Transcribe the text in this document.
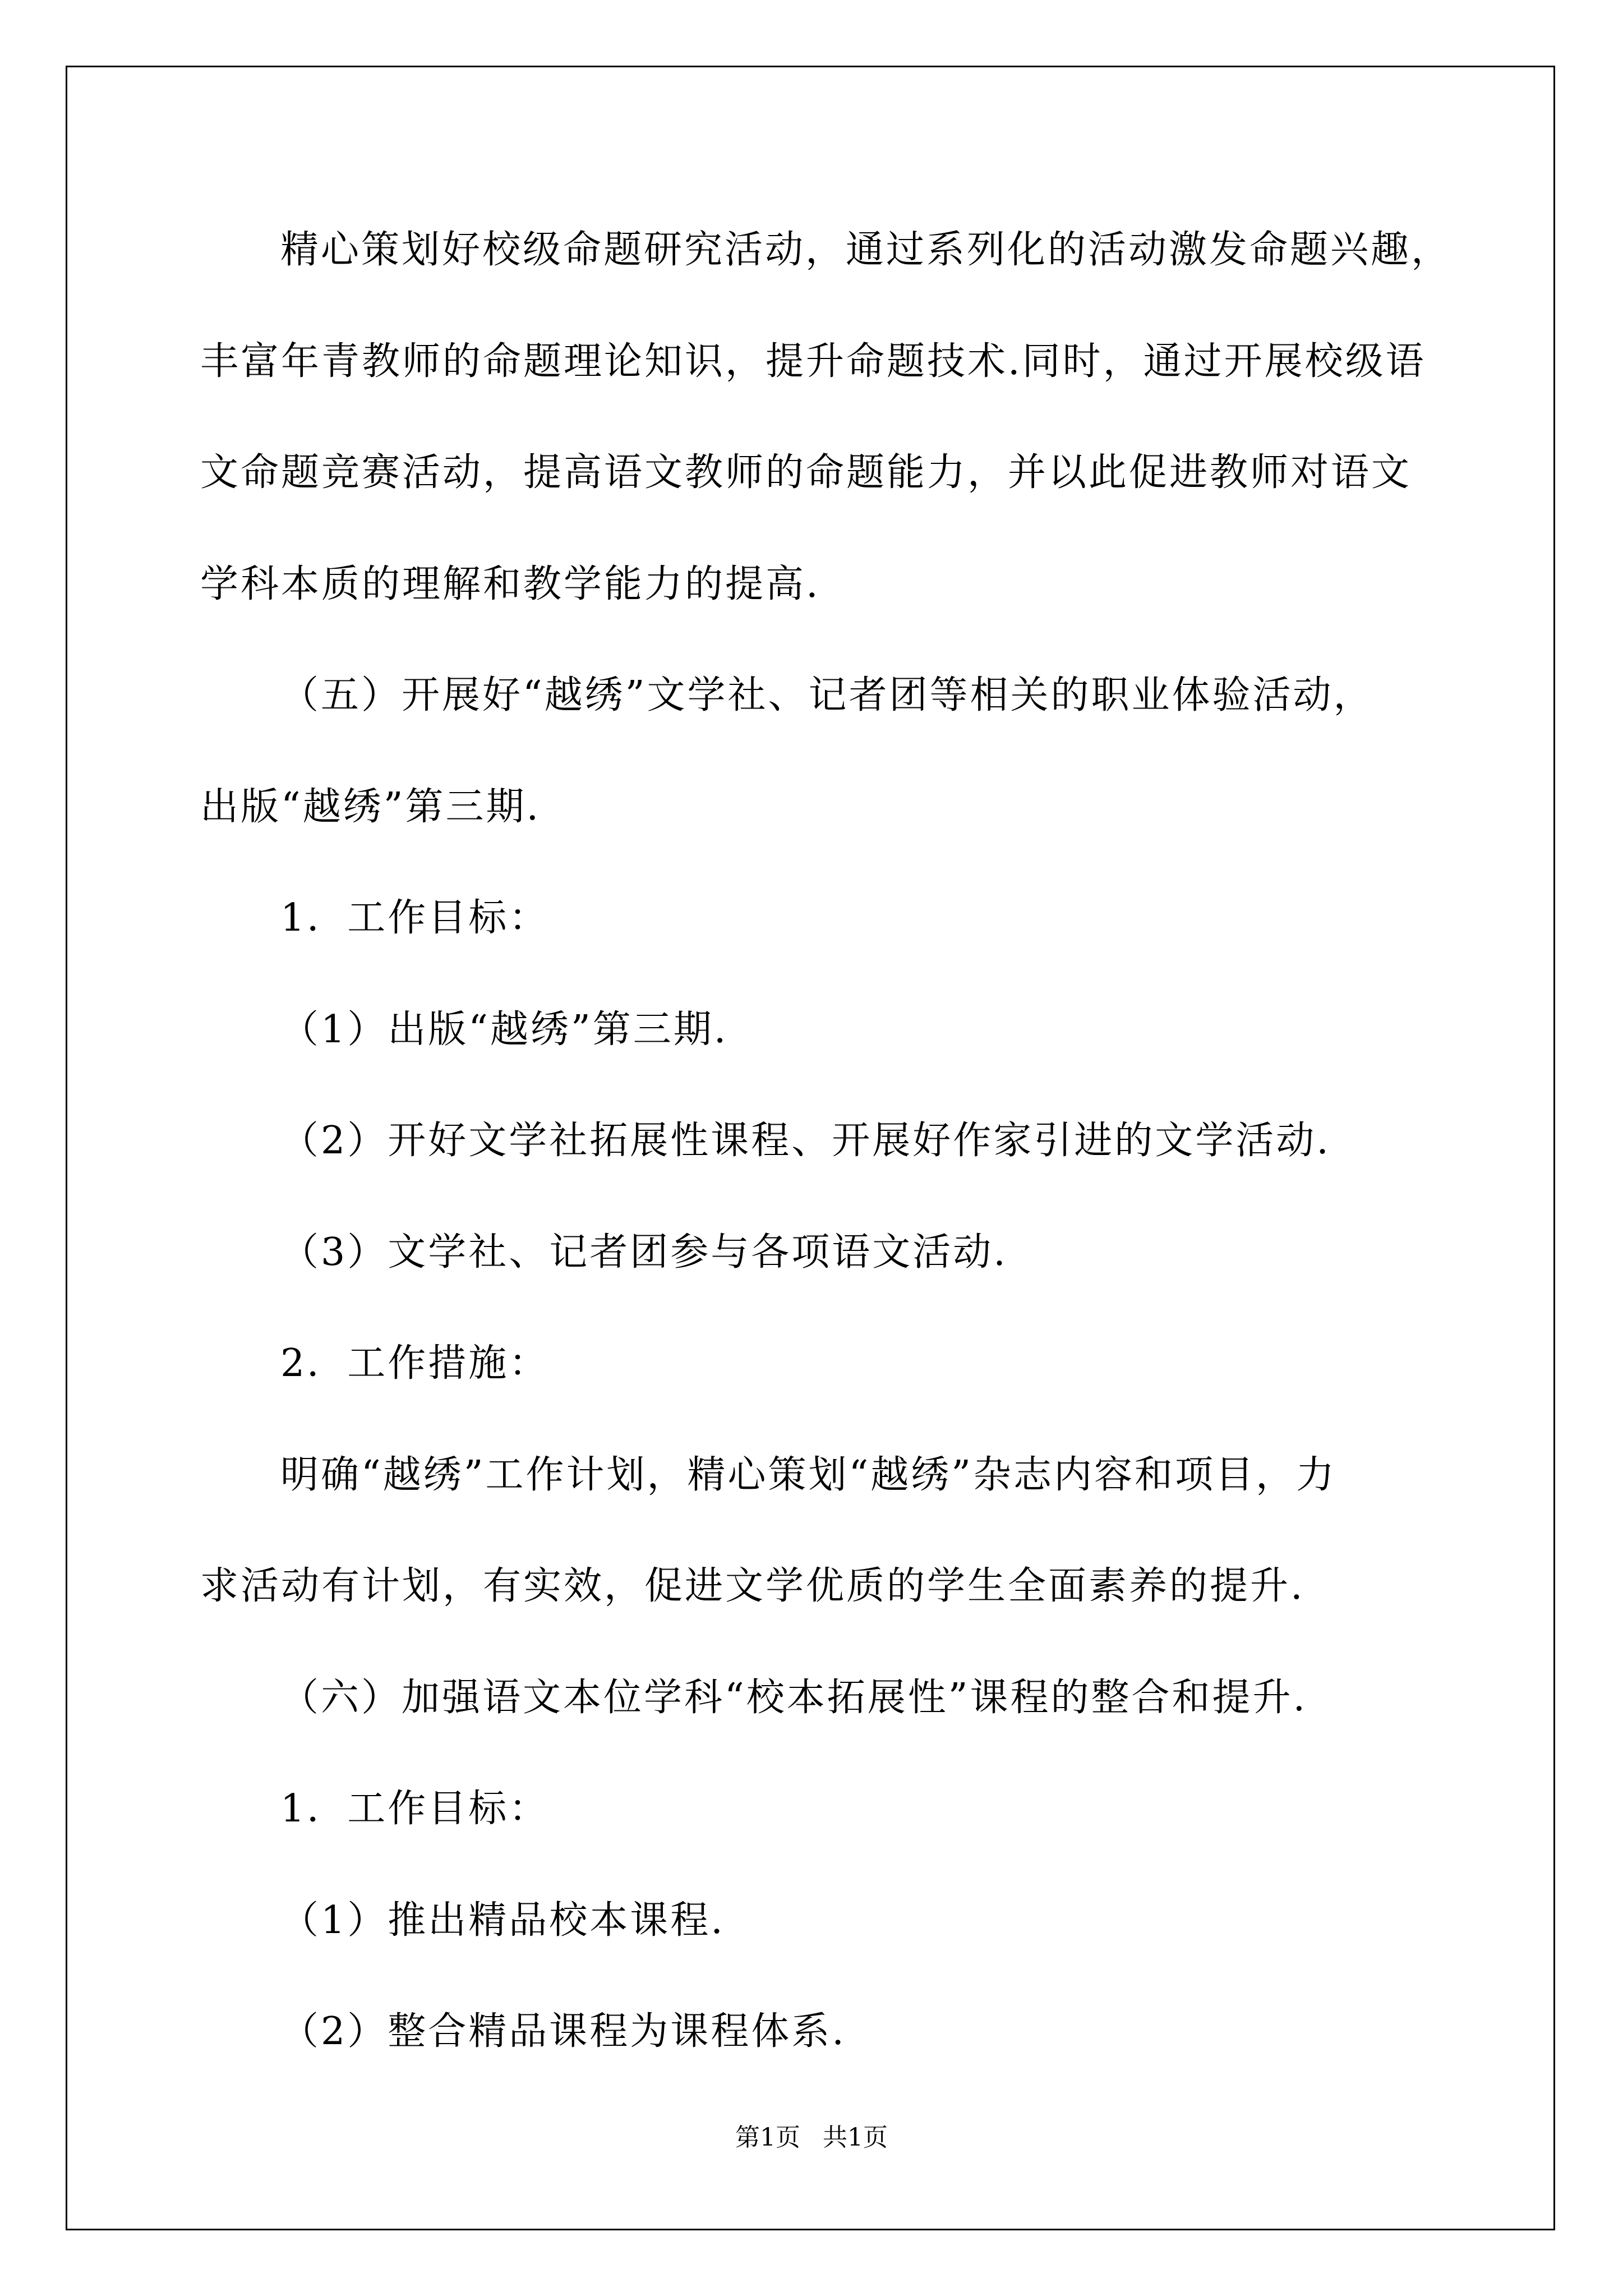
精心策划好校级命题研究活动，通过系列化的活动激发命题兴趣，
丰富年青教师的命题理论知识，提升命题技术.同时，通过开展校级语
文命题竞赛活动，提高语文教师的命题能力，并以此促进教师对语文
学科本质的理解和教学能力的提高.
（五）开展好“越绣”文学社、记者团等相关的职业体验活动，
出版“越绣”第三期.
1．工作目标：
（1）出版“越绣”第三期.
（2）开好文学社拓展性课程、开展好作家引进的文学活动.
（3）文学社、记者团参与各项语文活动.
2．工作措施：
明确“越绣”工作计划，精心策划“越绣”杂志内容和项目，力
求活动有计划，有实效，促进文学优质的学生全面素养的提升.
（六）加强语文本位学科“校本拓展性”课程的整合和提升.
1．工作目标：
（1）推出精品校本课程.
（2）整合精品课程为课程体系.
第1页 共1页
